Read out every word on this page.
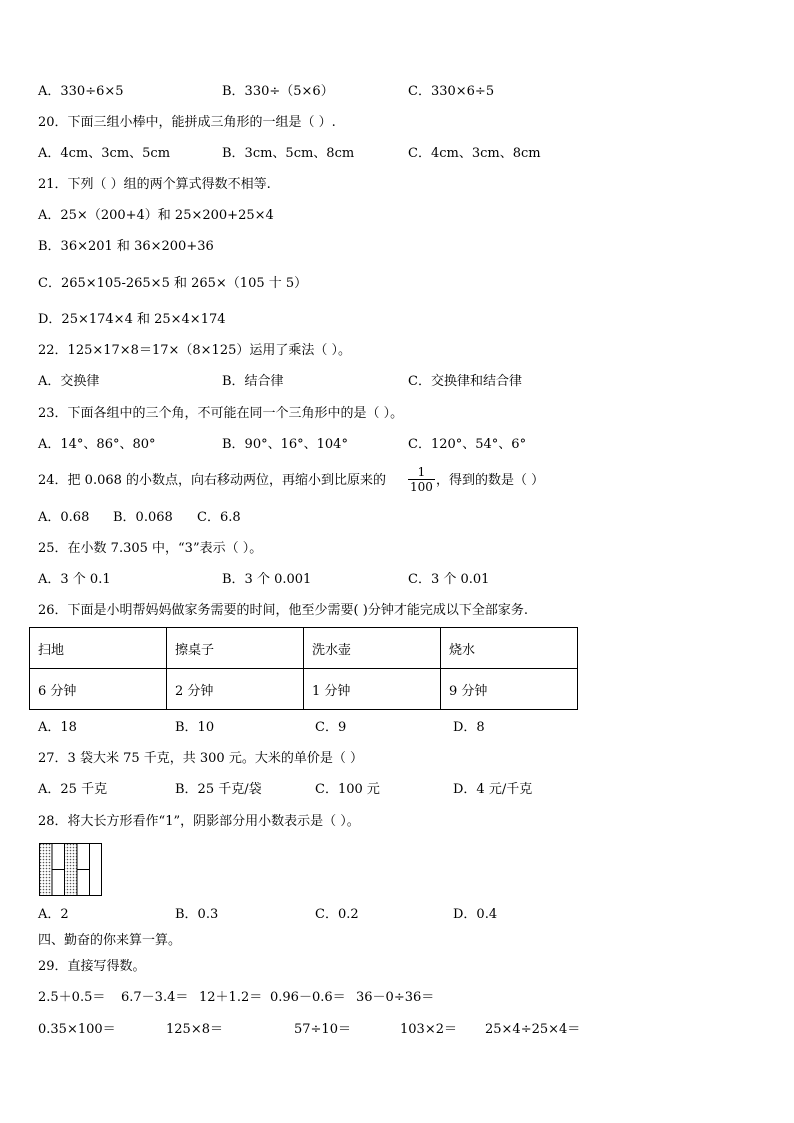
A．330÷6×5	B．330÷（5×6）	C．330×6÷5
20．下面三组小棒中，能拼成三角形的一组是（ ）.
A．4cm、3cm、5cm	B．3cm、5cm、8cm	C．4cm、3cm、8cm
21．下列（ ）组的两个算式得数不相等.
A．25×（200+4）和 25×200+25×4
B．36×201 和 36×200+36
C．265×105-265×5 和 265×（105 十 5）
D．25×174×4 和 25×4×174
22．125×17×8＝17×（8×125）运用了乘法（ ）。
A．交换律	B．结合律	C．交换律和结合律
23．下面各组中的三个角，不可能在同一个三角形中的是（ ）。
A．14°、86°、80°	B．90°、16°、104°	C．120°、54°、6°
24．把 0.068 的小数点，向右移动两位，再缩小到比原来的 $\frac{1}{100}$ ，得到的数是（ ）
A．0.68 B．0.068 C．6.8
25．在小数 7.305 中，“3”表示（ ）。
A．3 个 0.1	B．3 个 0.001	C．3 个 0.01
26．下面是小明帮妈妈做家务需要的时间，他至少需要( )分钟才能完成以下全部家务.
扫地	擦桌子	洗水壶	烧水
6 分钟	2 分钟	1 分钟	9 分钟
A．18	B．10	C．9	D．8
27．3 袋大米 75 千克，共 300 元。大米的单价是（ ）
A．25 千克	B．25 千克/袋	C．100 元	D．4 元/千克
28．将大长方形看作“1”，阴影部分用小数表示是（ ）。
A．2	B．0.3	C．0.2	D．0.4
四、勤奋的你来算一算。
29．直接写得数。
2.5＋0.5＝ 6.7－3.4＝ 12＋1.2＝ 0.96－0.6＝ 36－0÷36＝
0.35×100＝	125×8＝	57÷10＝	103×2＝ 25×4÷25×4＝
